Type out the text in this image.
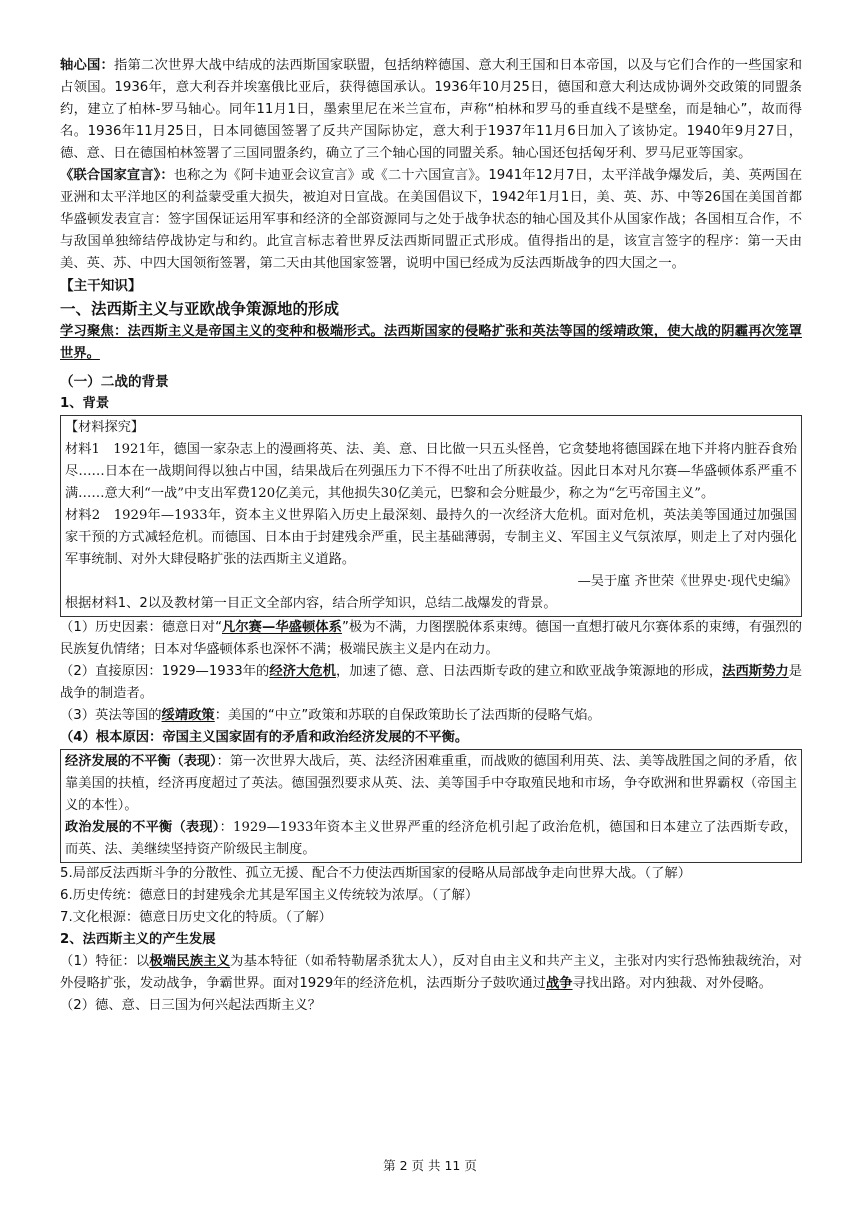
轴心国：指第二次世界大战中结成的法西斯国家联盟，包括纳粹德国、意大利王国和日本帝国，以及与它们合作的一些国家和占领国。1936年，意大利吞并埃塞俄比亚后，获得德国承认。1936年10月25日，德国和意大利达成协调外交政策的同盟条约，建立了柏林-罗马轴心。同年11月1日，墨索里尼在米兰宣布，声称“柏林和罗马的垂直线不是壁垒，而是轴心”，故而得名。1936年11月25日，日本同德国签署了反共产国际协定，意大利于1937年11月6日加入了该协定。1940年9月27日，德、意、日在德国柏林签署了三国同盟条约，确立了三个轴心国的同盟关系。轴心国还包括匈牙利、罗马尼亚等国家。

《联合国家宣言》：也称之为《阿卡迪亚会议宣言》或《二十六国宣言》。1941年12月7日，太平洋战争爆发后，美、英两国在亚洲和太平洋地区的利益蒙受重大损失，被迫对日宣战。在美国倡议下，1942年1月1日，美、英、苏、中等26国在美国首都华盛顿发表宣言：签字国保证运用军事和经济的全部资源同与之处于战争状态的轴心国及其仆从国家作战；各国相互合作，不与敌国单独缔结停战协定与和约。此宣言标志着世界反法西斯同盟正式形成。值得指出的是，该宣言签字的程序：第一天由美、英、苏、中四大国领衔签署，第二天由其他国家签署，说明中国已经成为反法西斯战争的四大国之一。

【主干知识】

一、法西斯主义与亚欧战争策源地的形成

学习聚焦：法西斯主义是帝国主义的变种和极端形式。法西斯国家的侵略扩张和英法等国的绥靖政策，使大战的阴霾再次笼罩世界。

（一）二战的背景

1、背景

【材料探究】

材料1　1921年，德国一家杂志上的漫画将英、法、美、意、日比做一只五头怪兽，它贪婪地将德国踩在地下并将内脏吞食殆尽……日本在一战期间得以独占中国，结果战后在列强压力下不得不吐出了所获收益。因此日本对凡尔赛—华盛顿体系严重不满……意大利“一战”中支出军费120亿美元，其他损失30亿美元，巴黎和会分赃最少，称之为“乞丐帝国主义”。

材料2　1929年—1933年，资本主义世界陷入历史上最深刻、最持久的一次经济大危机。面对危机，英法美等国通过加强国家干预的方式减轻危机。而德国、日本由于封建残余严重，民主基础薄弱，专制主义、军国主义气氛浓厚，则走上了对内强化军事统制、对外大肆侵略扩张的法西斯主义道路。

—吴于廑 齐世荣《世界史·现代史编》

根据材料1、2以及教材第一目正文全部内容，结合所学知识，总结二战爆发的背景。

（1）历史因素：德意日对“凡尔赛—华盛顿体系”极为不满，力图摆脱体系束缚。德国一直想打破凡尔赛体系的束缚，有强烈的民族复仇情绪；日本对华盛顿体系也深怀不满；极端民族主义是内在动力。

（2）直接原因：1929—1933年的经济大危机，加速了德、意、日法西斯专政的建立和欧亚战争策源地的形成，法西斯势力是战争的制造者。

（3）英法等国的绥靖政策：美国的“中立”政策和苏联的自保政策助长了法西斯的侵略气焰。

（4）根本原因：帝国主义国家固有的矛盾和政治经济发展的不平衡。

经济发展的不平衡（表现）：第一次世界大战后，英、法经济困难重重，而战败的德国利用英、法、美等战胜国之间的矛盾，依靠美国的扶植，经济再度超过了英法。德国强烈要求从英、法、美等国手中夺取殖民地和市场，争夺欧洲和世界霸权（帝国主义的本性）。

政治发展的不平衡（表现）：1929—1933年资本主义世界严重的经济危机引起了政治危机，德国和日本建立了法西斯专政，而英、法、美继续坚持资产阶级民主制度。

5.局部反法西斯斗争的分散性、孤立无援、配合不力使法西斯国家的侵略从局部战争走向世界大战。（了解）

6.历史传统：德意日的封建残余尤其是军国主义传统较为浓厚。（了解）

7.文化根源：德意日历史文化的特质。（了解）

2、法西斯主义的产生发展

（1）特征：以极端民族主义为基本特征（如希特勒屠杀犹太人），反对自由主义和共产主义，主张对内实行恐怖独裁统治，对外侵略扩张，发动战争，争霸世界。面对1929年的经济危机，法西斯分子鼓吹通过战争寻找出路。对内独裁、对外侵略。

（2）德、意、日三国为何兴起法西斯主义？

第 2 页 共 11 页
